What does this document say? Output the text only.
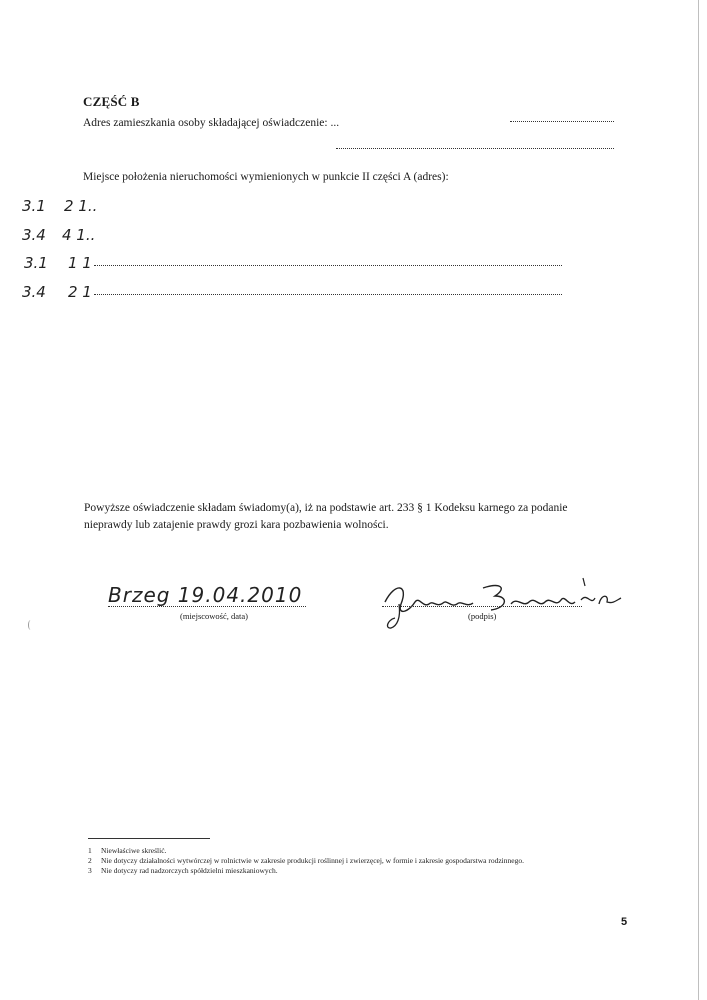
CZĘŚĆ B
Adres zamieszkania osoby składającej oświadczenie: ...
Miejsce położenia nieruchomości wymienionych w punkcie II części A (adres):
3.1 2 1..
3.4 4 1..
3.1 1 1
3.4 2 1
Powyższe oświadczenie składam świadomy(a), iż na podstawie art. 233 § 1 Kodeksu karnego za podanie
nieprawdy lub zatajenie prawdy grozi kara pozbawienia wolności.
Brzeg 19.04.2010
(miejscowość, data)	(podpis)
1 Niewłaściwe skreślić.
2 Nie dotyczy działalności wytwórczej w rolnictwie w zakresie produkcji roślinnej i zwierzęcej, w formie i zakresie gospodarstwa rodzinnego.
3 Nie dotyczy rad nadzorczych spółdzielni mieszkaniowych.
5
